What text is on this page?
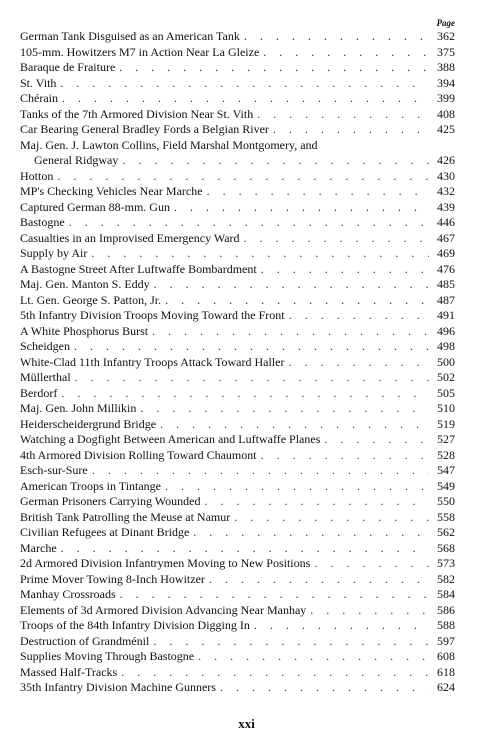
Page
German Tank Disguised as an American Tank . . .	362
105-mm. Howitzers M7 in Action Near La Gleize . . .	375
Baraque de Fraiture . . .	388
St. Vith . . .	394
Chérain . . .	399
Tanks of the 7th Armored Division Near St. Vith . . .	408
Car Bearing General Bradley Fords a Belgian River . . .	425
Maj. Gen. J. Lawton Collins, Field Marshal Montgomery, and
General Ridgway . . .	426
Hotton . . .	430
MP's Checking Vehicles Near Marche . . .	432
Captured German 88-mm. Gun . . .	439
Bastogne . . .	446
Casualties in an Improvised Emergency Ward . . .	467
Supply by Air . . .	469
A Bastogne Street After Luftwaffe Bombardment . . .	476
Maj. Gen. Manton S. Eddy . . .	485
Lt. Gen. George S. Patton, Jr. . . .	487
5th Infantry Division Troops Moving Toward the Front . . .	491
A White Phosphorus Burst . . .	496
Scheidgen . . .	498
White-Clad 11th Infantry Troops Attack Toward Haller . . .	500
Müllerthal . . .	502
Berdorf . . .	505
Maj. Gen. John Millikin . . .	510
Heiderscheidergrund Bridge . . .	519
Watching a Dogfight Between American and Luftwaffe Planes . . .	527
4th Armored Division Rolling Toward Chaumont . . .	528
Esch-sur-Sure . . .	547
American Troops in Tintange . . .	549
German Prisoners Carrying Wounded . . .	550
British Tank Patrolling the Meuse at Namur . . .	558
Civilian Refugees at Dinant Bridge . . .	562
Marche . . .	568
2d Armored Division Infantrymen Moving to New Positions . . .	573
Prime Mover Towing 8-Inch Howitzer . . .	582
Manhay Crossroads . . .	584
Elements of 3d Armored Division Advancing Near Manhay . . .	586
Troops of the 84th Infantry Division Digging In . . .	588
Destruction of Grandménil . . .	597
Supplies Moving Through Bastogne . . .	608
Massed Half-Tracks . . .	618
35th Infantry Division Machine Gunners . . .	624
xxi
